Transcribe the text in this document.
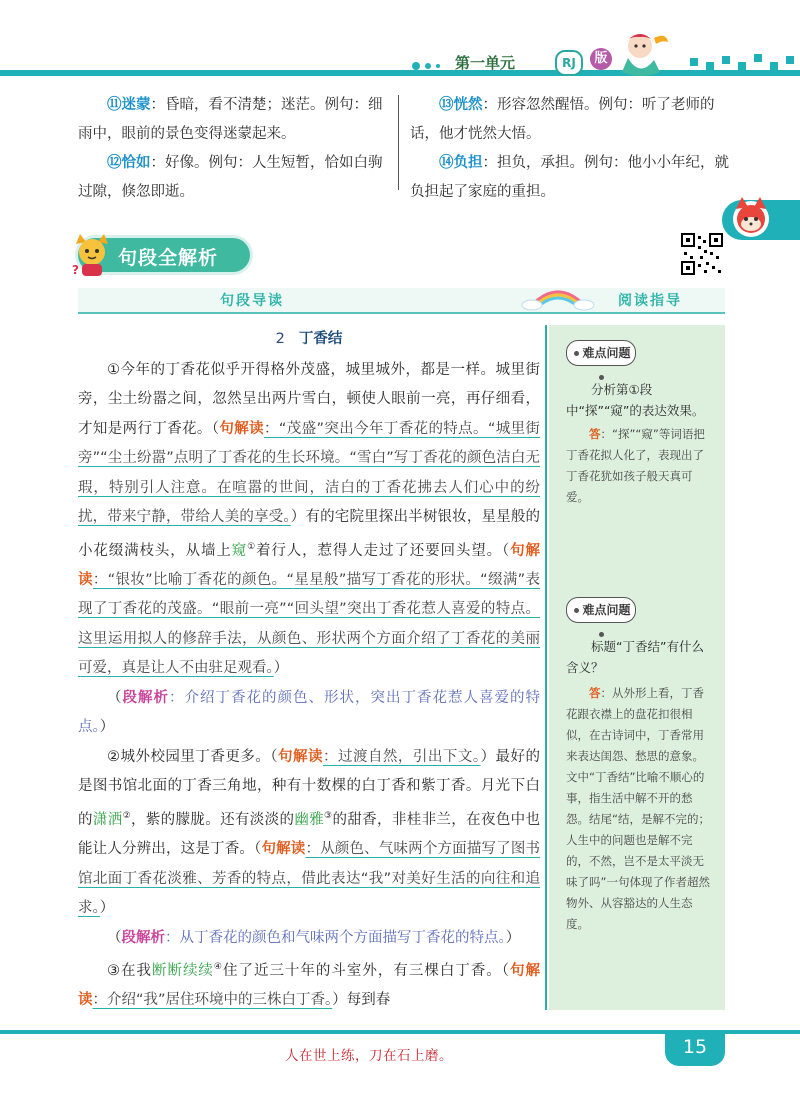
第一单元	RJ	版
⑪迷蒙：昏暗，看不清楚；迷茫。例句：细雨中，眼前的景色变得迷蒙起来。
⑫恰如：好像。例句：人生短暂，恰如白驹过隙，倏忽即逝。
⑬恍然：形容忽然醒悟。例句：听了老师的话，他才恍然大悟。
⑭负担：担负，承担。例句：他小小年纪，就负担起了家庭的重担。
?
句段全解析
句段导读	阅读指导

2 丁香结

①今年的丁香花似乎开得格外茂盛，城里城外，都是一样。城里街旁，尘土纷嚣之间，忽然呈出两片雪白，顿使人眼前一亮，再仔细看，才知是两行丁香花。（句解读：“茂盛”突出今年丁香花的特点。“城里街旁”“尘土纷嚣”点明了丁香花的生长环境。“雪白”写丁香花的颜色洁白无瑕，特别引人注意。在喧嚣的世间，洁白的丁香花拂去人们心中的纷扰，带来宁静，带给人美的享受。）有的宅院里探出半树银妆，星星般的小花缀满枝头，从墙上窥①着行人，惹得人走过了还要回头望。（句解读：“银妆”比喻丁香花的颜色。“星星般”描写丁香花的形状。“缀满”表现了丁香花的茂盛。“眼前一亮”“回头望”突出丁香花惹人喜爱的特点。这里运用拟人的修辞手法，从颜色、形状两个方面介绍了丁香花的美丽可爱，真是让人不由驻足观看。）

（段解析：介绍丁香花的颜色、形状，突出丁香花惹人喜爱的特点。）

②城外校园里丁香更多。（句解读：过渡自然，引出下文。）最好的是图书馆北面的丁香三角地，种有十数棵的白丁香和紫丁香。月光下白的潇洒②，紫的朦胧。还有淡淡的幽雅③的甜香，非桂非兰，在夜色中也能让人分辨出，这是丁香。（句解读：从颜色、气味两个方面描写了图书馆北面丁香花淡雅、芳香的特点，借此表达“我”对美好生活的向往和追求。）

（段解析：从丁香花的颜色和气味两个方面描写丁香花的特点。）

③在我断断续续④住了近三十年的斗室外，有三棵白丁香。（句解读：介绍“我”居住环境中的三株白丁香。）每到春

难点问题

分析第①段中“探”“窥”的表达效果。

答：“探”“窥”等词语把丁香花拟人化了，表现出了丁香花犹如孩子般天真可爱。

难点问题

标题“丁香结”有什么含义？

答：从外形上看，丁香花跟衣襟上的盘花扣很相似，在古诗词中，丁香常用来表达闺怨、愁思的意象。文中“丁香结”比喻不顺心的事，指生活中解不开的愁怨。结尾“结，是解不完的；人生中的问题也是解不完的，不然，岂不是太平淡无味了吗”一句体现了作者超然物外、从容豁达的人生态度。

人在世上练，刀在石上磨。	15
